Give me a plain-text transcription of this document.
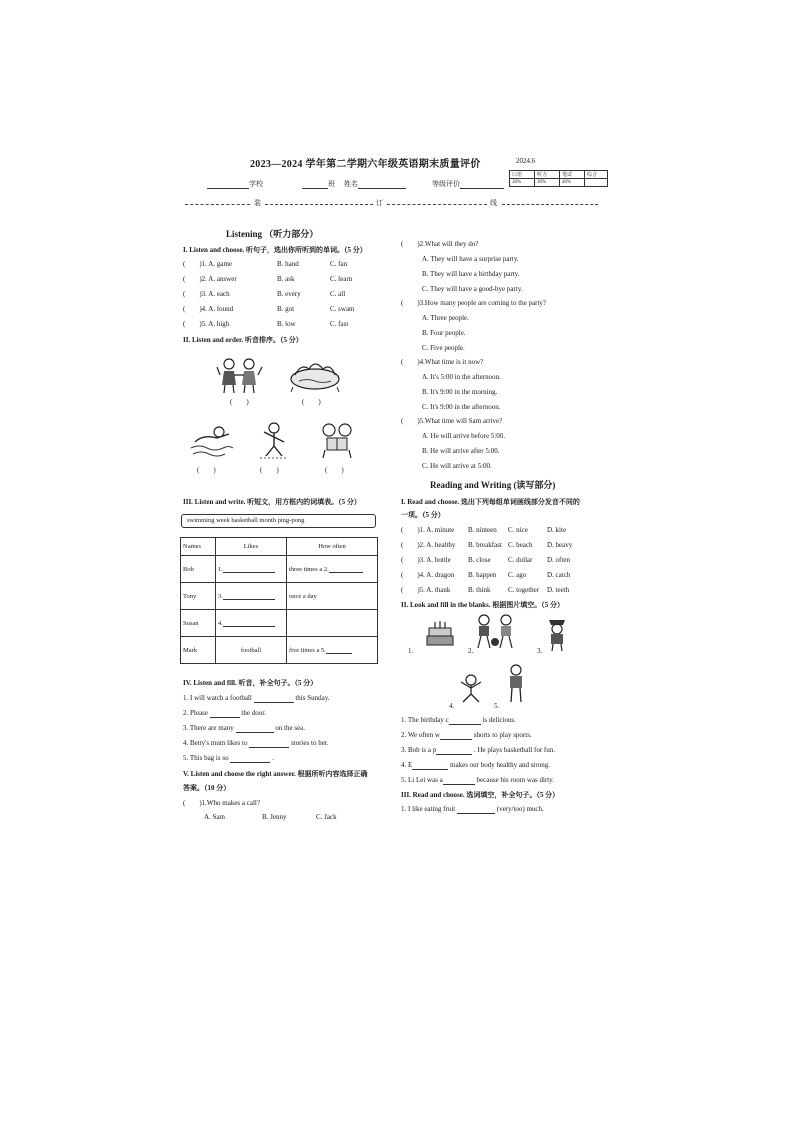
2023—2024 学年第二学期六年级英语期末质量评价	2024.6
学校	班 姓名	等级评价
口语	听力	笔试	综合
30%	30%	40%	
装	订	线
Listening （听力部分）
I. Listen and choose. 听句子，选出你所听到的单词。（5 分）
(　　)1. A. game	B. hand	C. fan
(　　)2. A. answer	B. ask	C. learn
(　　)3. A. each	B. every	C. all
(　　)4. A. found	B. got	C. swam
(　　)5. A. high	B. low	C. fast
II. Listen and order. 听音排序。（5 分）
(　　)	(　　)
(　　)	(　　)	(　　)
III. Listen and write. 听短文，用方框内的词填表。（5 分）
swimming week basketball month ping-pong
Names	Likes	How often
Bob	1.	three times a 2.
Tony	3.	once a day
Susan	4.	
Mark	football	five times a 5.
IV. Listen and fill. 听音，补全句子。（5 分）
1. I will watch a football	this Sunday.
2. Please	the door.
3. There are many	on the sea.
4. Betty's mum likes to	stories to her.
5. This bag is so	.
V. Listen and choose the right answer. 根据所听内容选择正确
答案。（10 分）
(　　)1.Who makes a call?
A. Sam	B. Jenny	C. Jack
(　　)2.What will they do?
A. They will have a surprise party.
B. They will have a birthday party.
C. They will have a good-bye party.
(　　)3.How many people are coming to the party?
A. Three people.
B. Four people.
C. Five people.
(　　)4.What time is it now?
A. It's 5:00 in the afternoon.
B. It's 9:00 in the morning.
C. It's 9:00 in the afternoon.
(　　)5.What time will Sam arrive?
A. He will arrive before 5:00.
B. He will arrive after 5:00.
C. He will arrive at 5:00.
Reading and Writing (读写部分)
I. Read and choose. 选出下列每组单词画线部分发音不同的
一项。（5 分）
(　　)1. A. minute B. ninteen C. nice	D. kite
(　　)2. A. healthy B. breakfast C. beach D. heavy
(　　)3. A. bottle B. close C. dollar D. often
(　　)4. A. dragon B. happen C. ago	D. catch
(　　)5. A. thank	B. think C. together D. teeth
II. Look and fill in the blanks. 根据图片填空。（5 分）
1.	2.	3.
4.	5.
1. The birthday c	is delicious.
2. We often w	shorts to play sports.
3. Bob is a p	. He plays basketball for fun.
4. E	makes our body healthy and strong.
5. Li Lei was a	because his room was dirty.
III. Read and choose. 选词填空，补全句子。（5 分）
1. I like eating fruit	(very/too) much.
